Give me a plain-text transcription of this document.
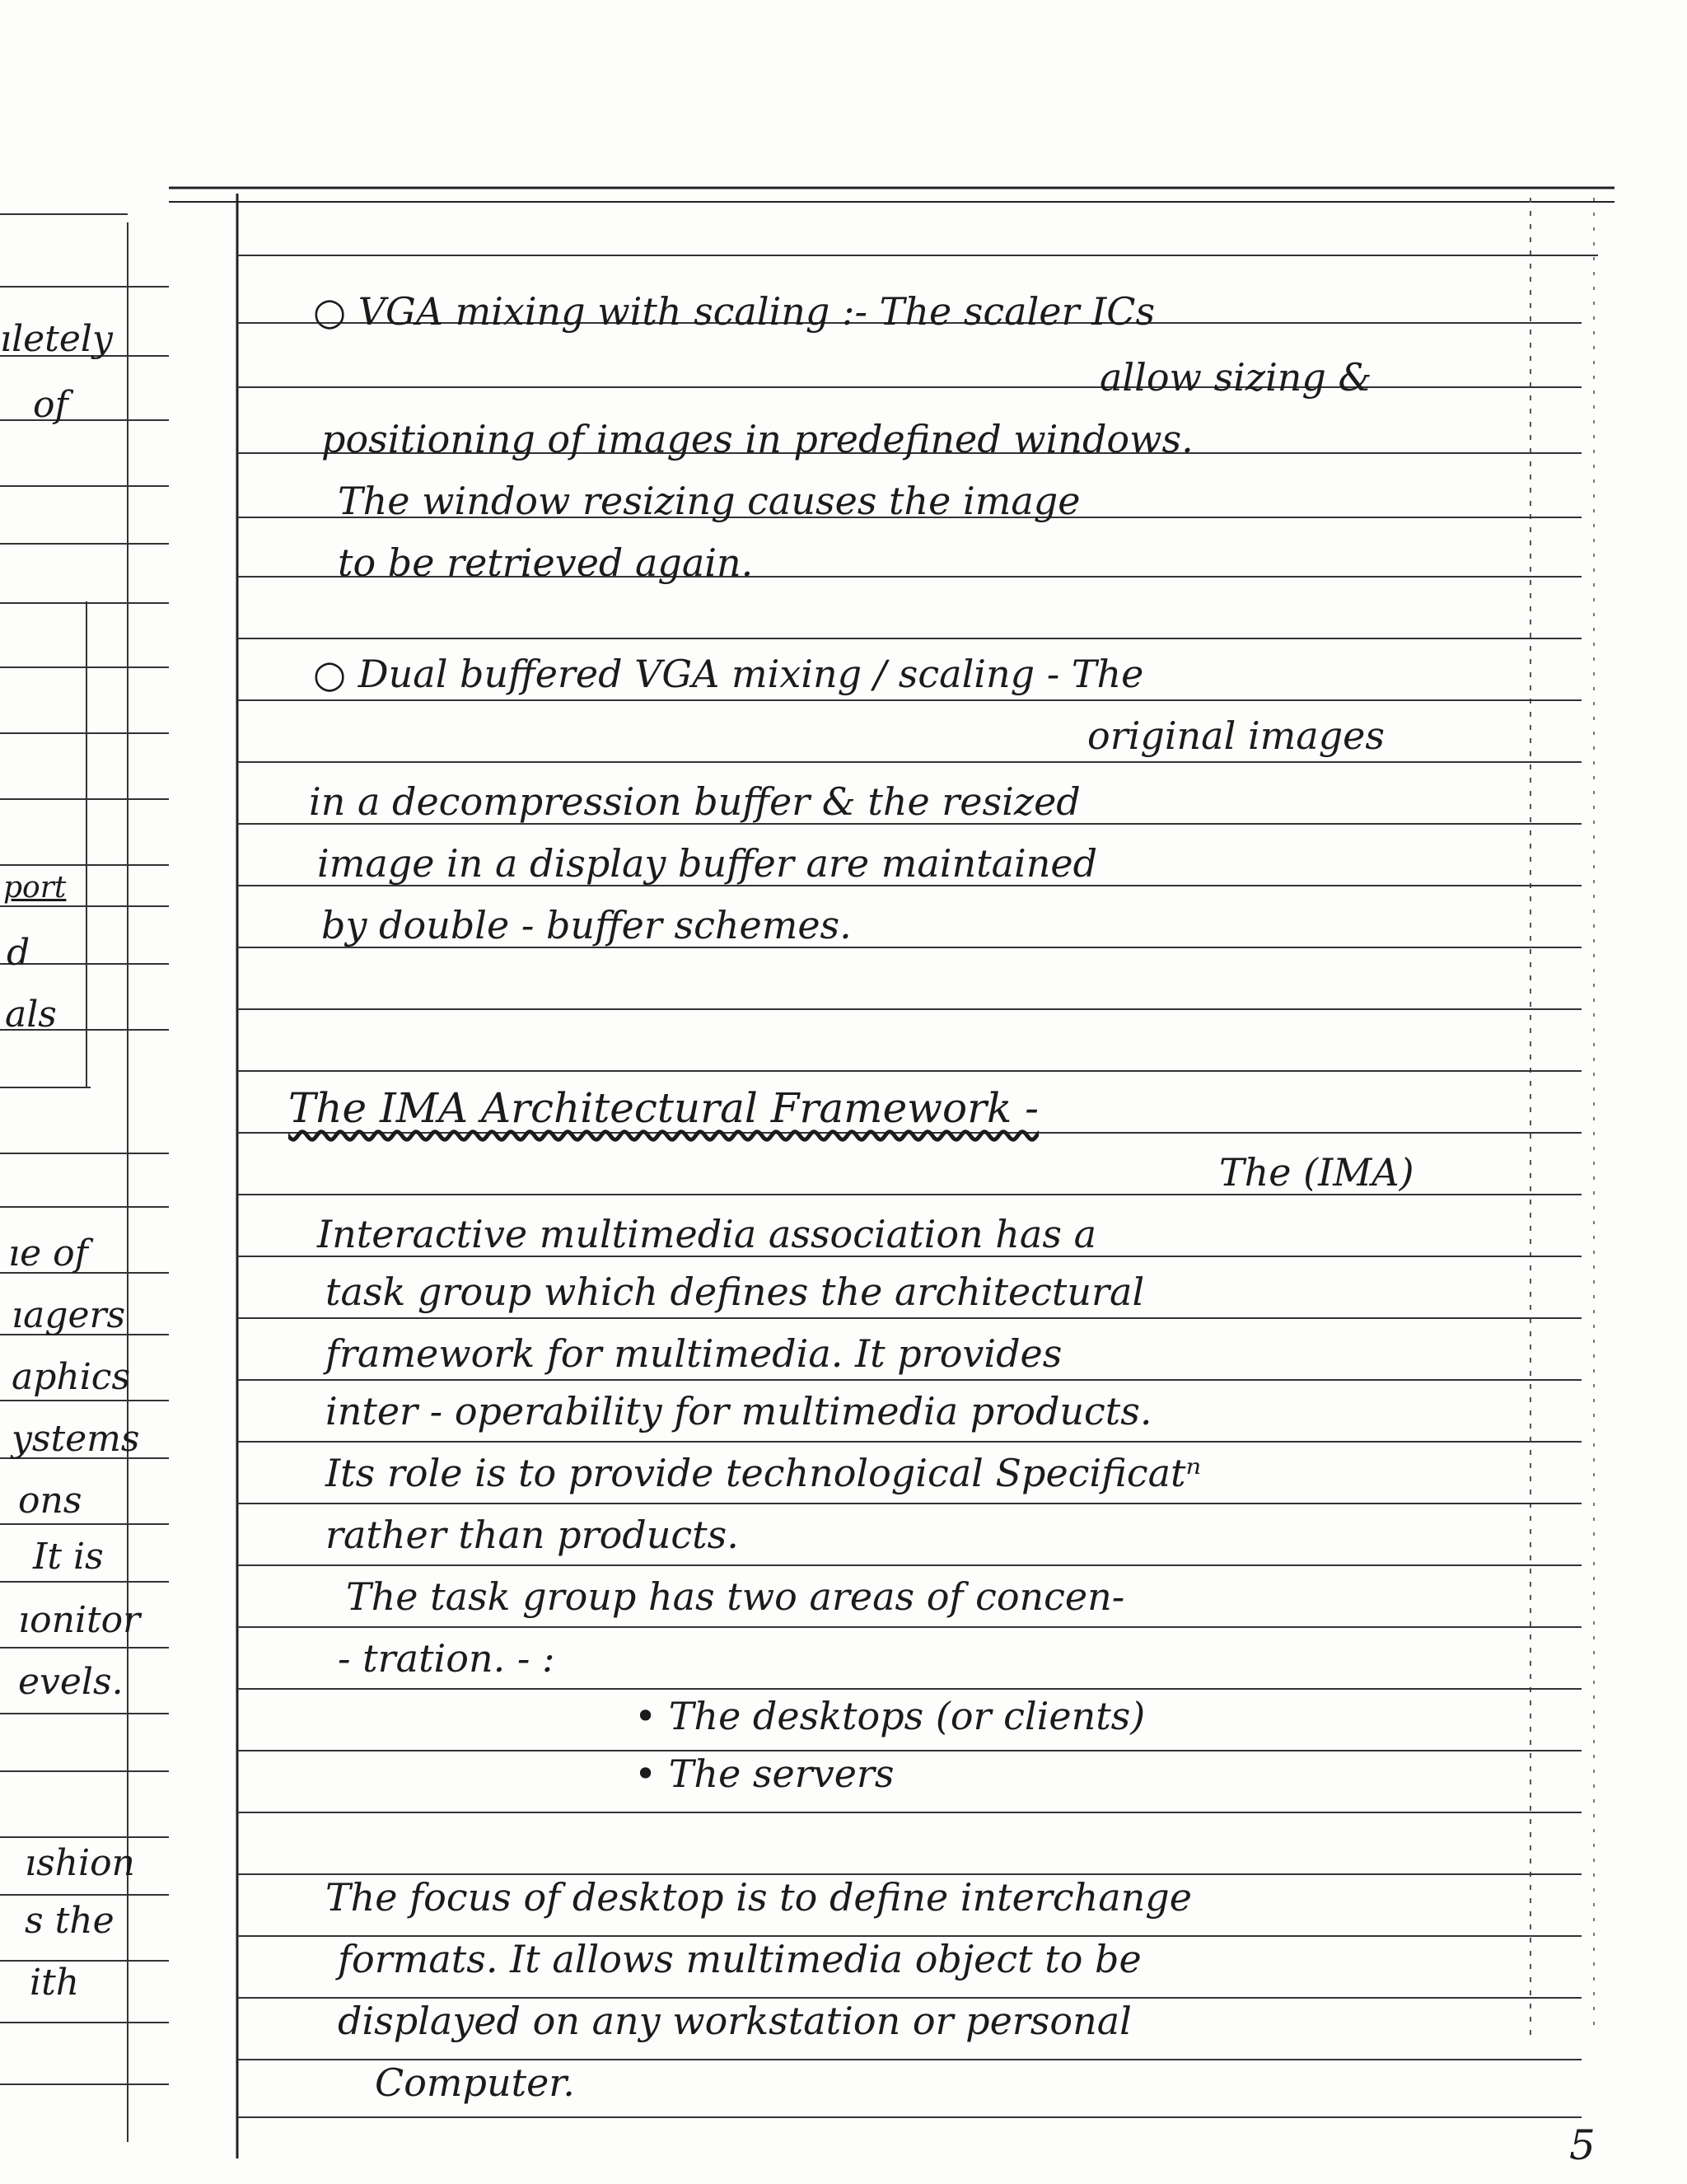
ıletely
of
port
d
als
ıe of
ıagers
aphics
ystems
ons
It is
ıonitor
evels.
ıshion
s the
ith
○ VGA mixing with scaling :- The scaler ICs
allow sizing &
positioning of images in predefined windows.
The window resizing causes the image
to be retrieved again.
○ Dual buffered VGA mixing / scaling - The
original images
in a decompression buffer & the resized
image in a display buffer are maintained
by double - buffer schemes.
The IMA Architectural Framework -
The (IMA)
Interactive multimedia association has a
task group which defines the architectural
framework for multimedia. It provides
inter - operability for multimedia products.
Its role is to provide technological Specificatⁿ
rather than products.
The task group has two areas of concen-
- tration. - :
• The desktops (or clients)
• The servers
The focus of desktop is to define interchange
formats. It allows multimedia object to be
displayed on any workstation or personal
Computer.
5
